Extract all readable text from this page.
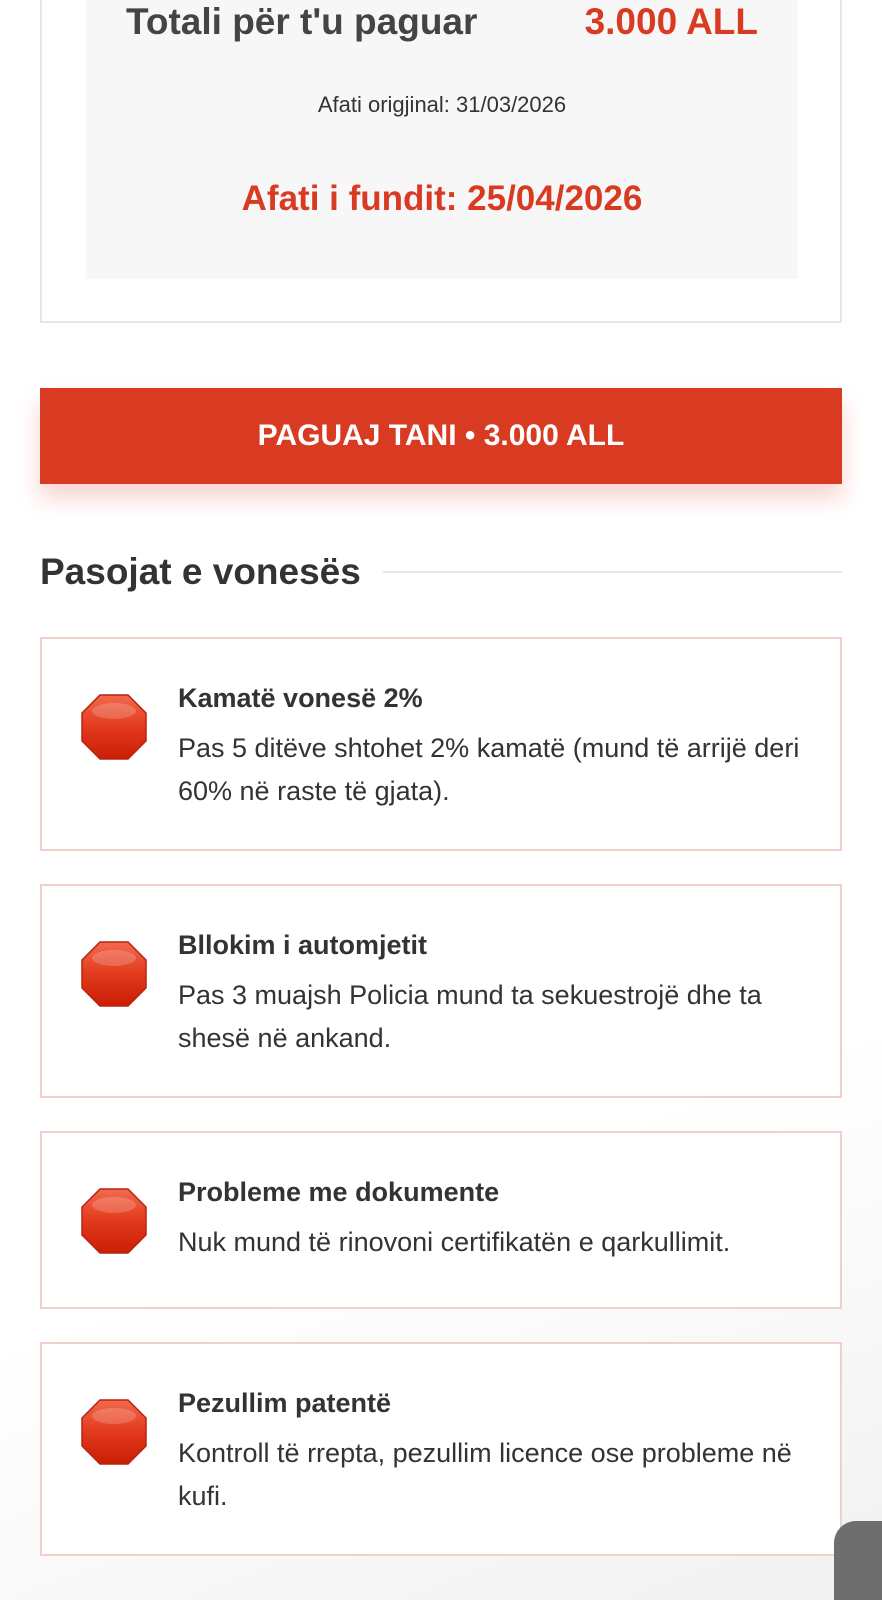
Totali për t'u paguar	3.000 ALL
Afati origjinal: 31/03/2026
Afati i fundit: 25/04/2026
PAGUAJ TANI • 3.000 ALL
Pasojat e vonesës
Kamatë vonesë 2%
Pas 5 ditëve shtohet 2% kamatë (mund të arrijë deri 60% në raste të gjata).
Bllokim i automjetit
Pas 3 muajsh Policia mund ta sekuestrojë dhe ta shesë në ankand.
Probleme me dokumente
Nuk mund të rinovoni certifikatën e qarkullimit.
Pezullim patentë
Kontroll të rrepta, pezullim licence ose probleme në kufi.
